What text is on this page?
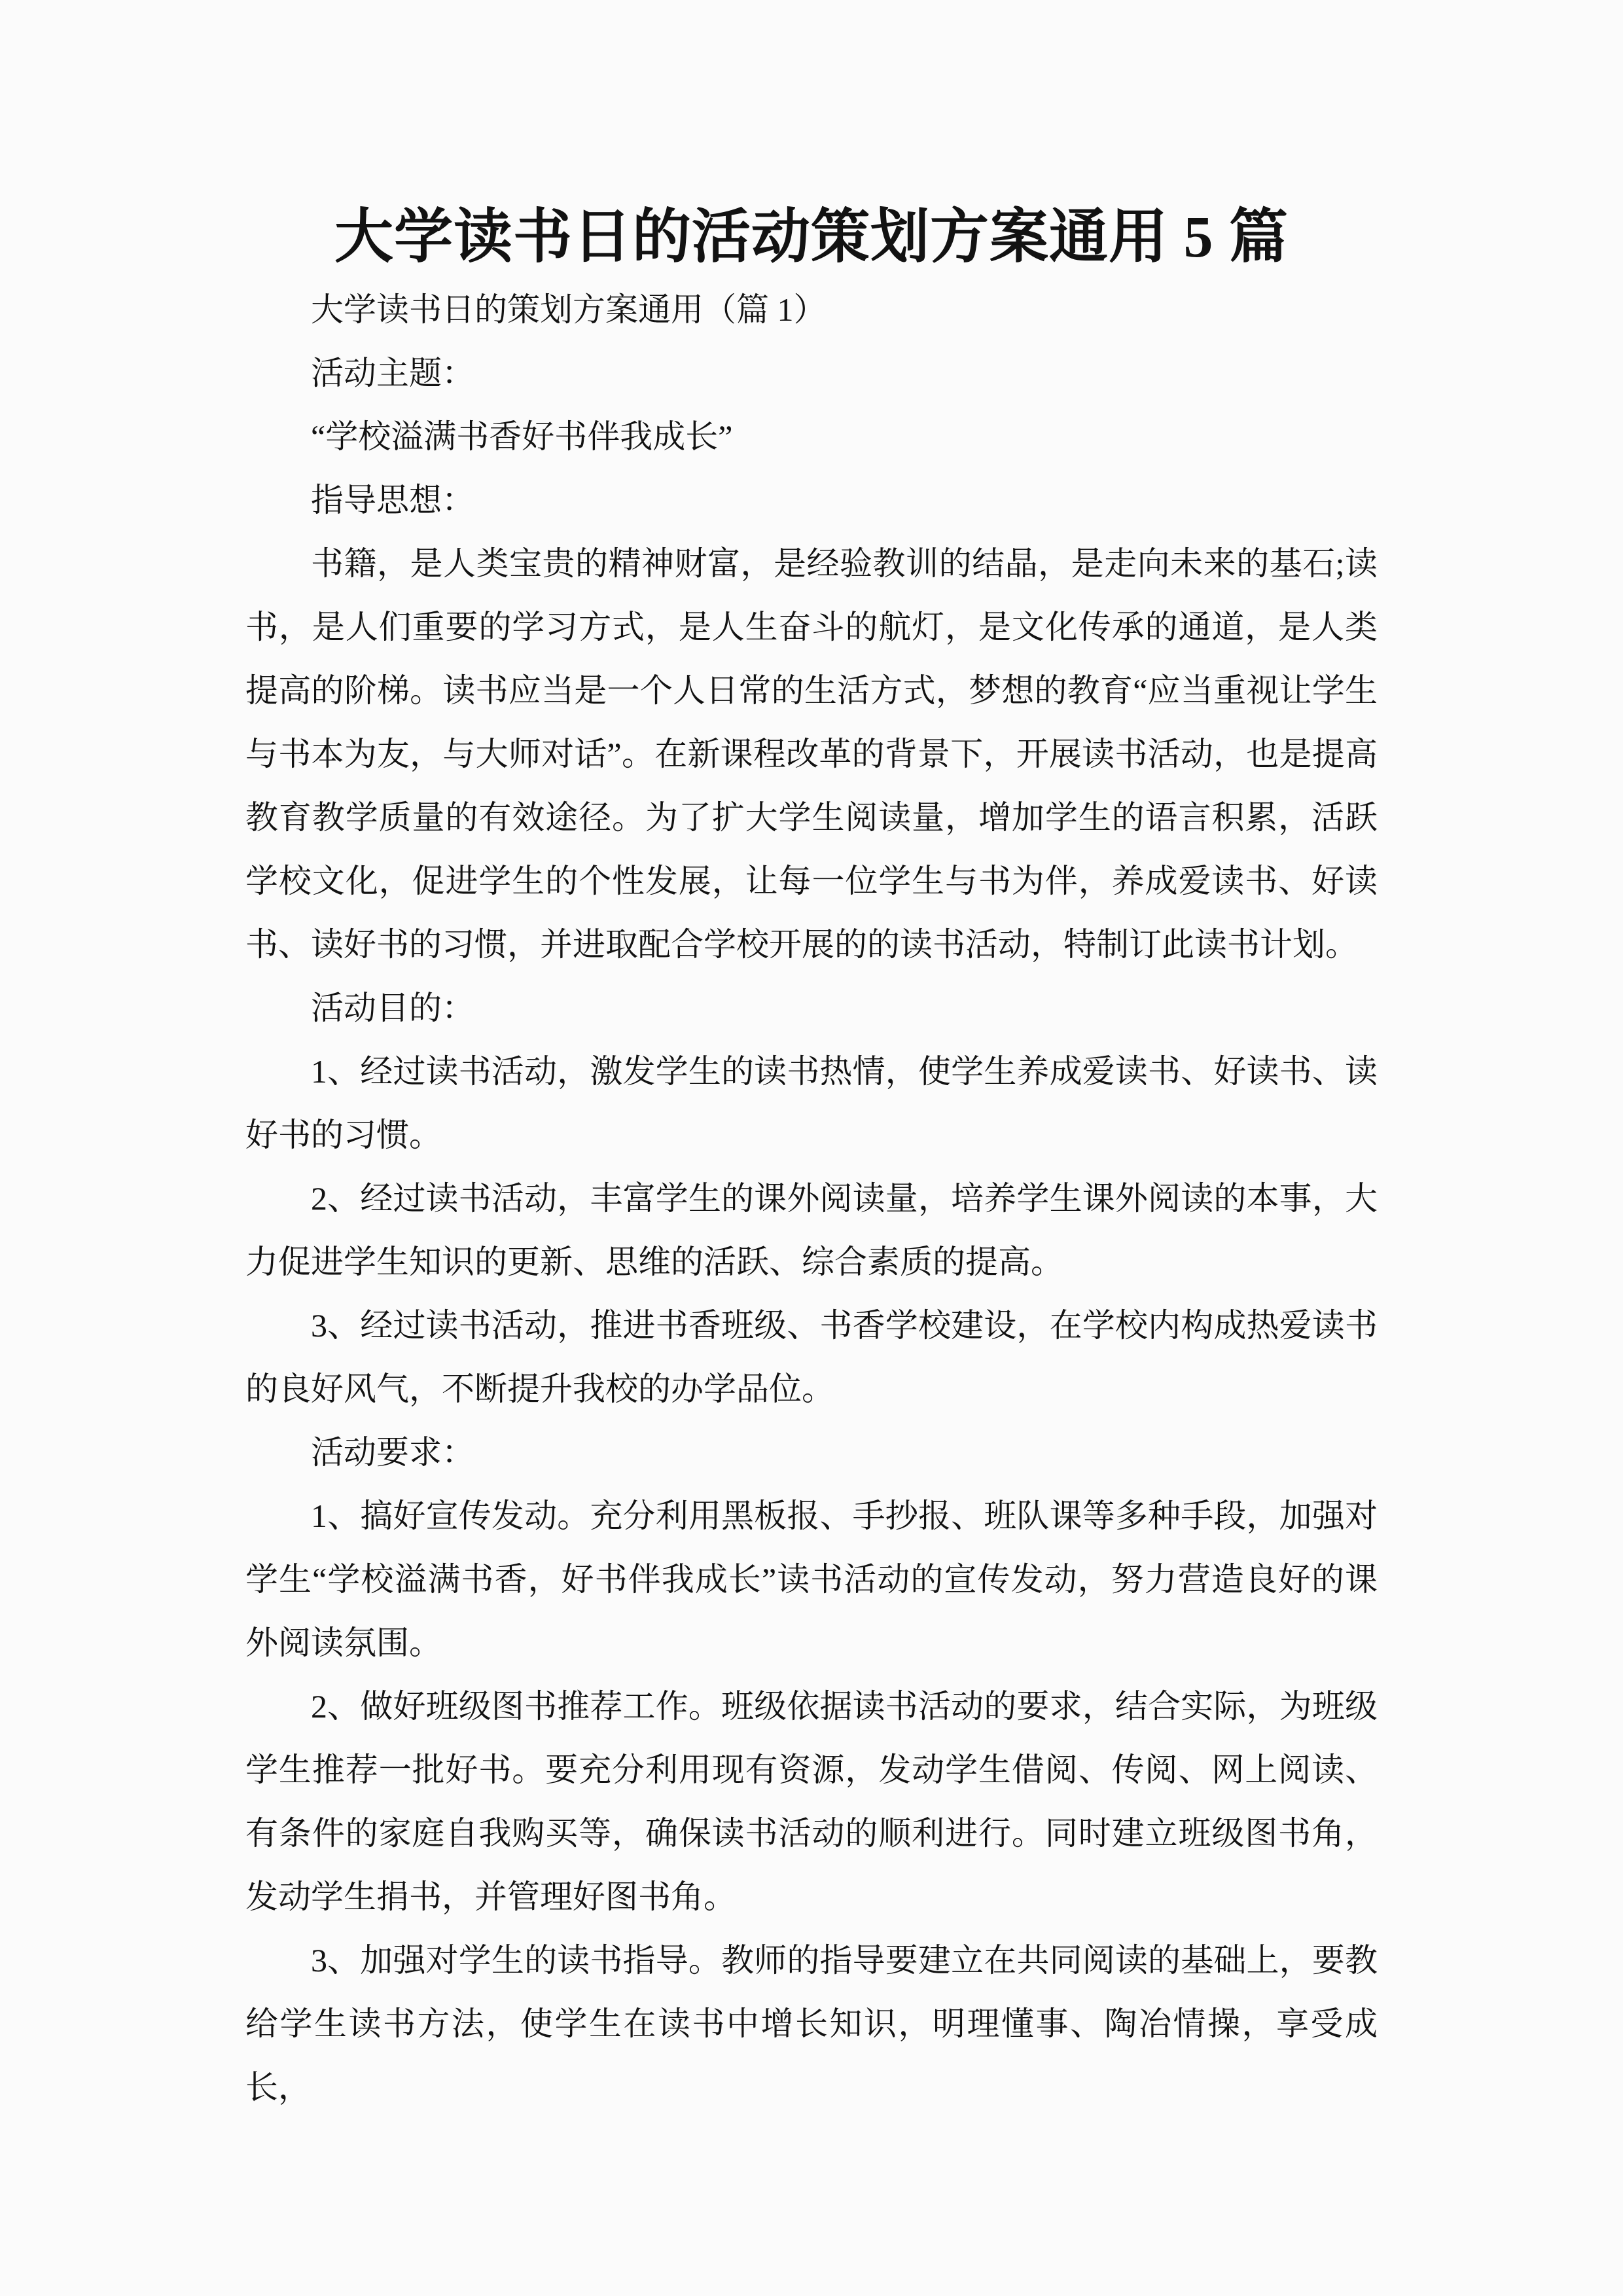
大学读书日的活动策划方案通用 5 篇

大学读书日的策划方案通用（篇 1）

活动主题：

“学校溢满书香好书伴我成长”

指导思想：

书籍，是人类宝贵的精神财富，是经验教训的结晶，是走向未来的基石;读书，是人们重要的学习方式，是人生奋斗的航灯，是文化传承的通道，是人类提高的阶梯。读书应当是一个人日常的生活方式，梦想的教育“应当重视让学生与书本为友，与大师对话”。在新课程改革的背景下，开展读书活动，也是提高教育教学质量的有效途径。为了扩大学生阅读量，增加学生的语言积累，活跃学校文化，促进学生的个性发展，让每一位学生与书为伴，养成爱读书、好读书、读好书的习惯，并进取配合学校开展的的读书活动，特制订此读书计划。

活动目的：

1、经过读书活动，激发学生的读书热情，使学生养成爱读书、好读书、读好书的习惯。

2、经过读书活动，丰富学生的课外阅读量，培养学生课外阅读的本事，大力促进学生知识的更新、思维的活跃、综合素质的提高。

3、经过读书活动，推进书香班级、书香学校建设，在学校内构成热爱读书的良好风气，不断提升我校的办学品位。

活动要求：

1、搞好宣传发动。充分利用黑板报、手抄报、班队课等多种手段，加强对学生“学校溢满书香，好书伴我成长”读书活动的宣传发动，努力营造良好的课外阅读氛围。

2、做好班级图书推荐工作。班级依据读书活动的要求，结合实际，为班级学生推荐一批好书。要充分利用现有资源，发动学生借阅、传阅、网上阅读、有条件的家庭自我购买等，确保读书活动的顺利进行。同时建立班级图书角，发动学生捐书，并管理好图书角。

3、加强对学生的读书指导。教师的指导要建立在共同阅读的基础上，要教给学生读书方法，使学生在读书中增长知识，明理懂事、陶冶情操，享受成长，
